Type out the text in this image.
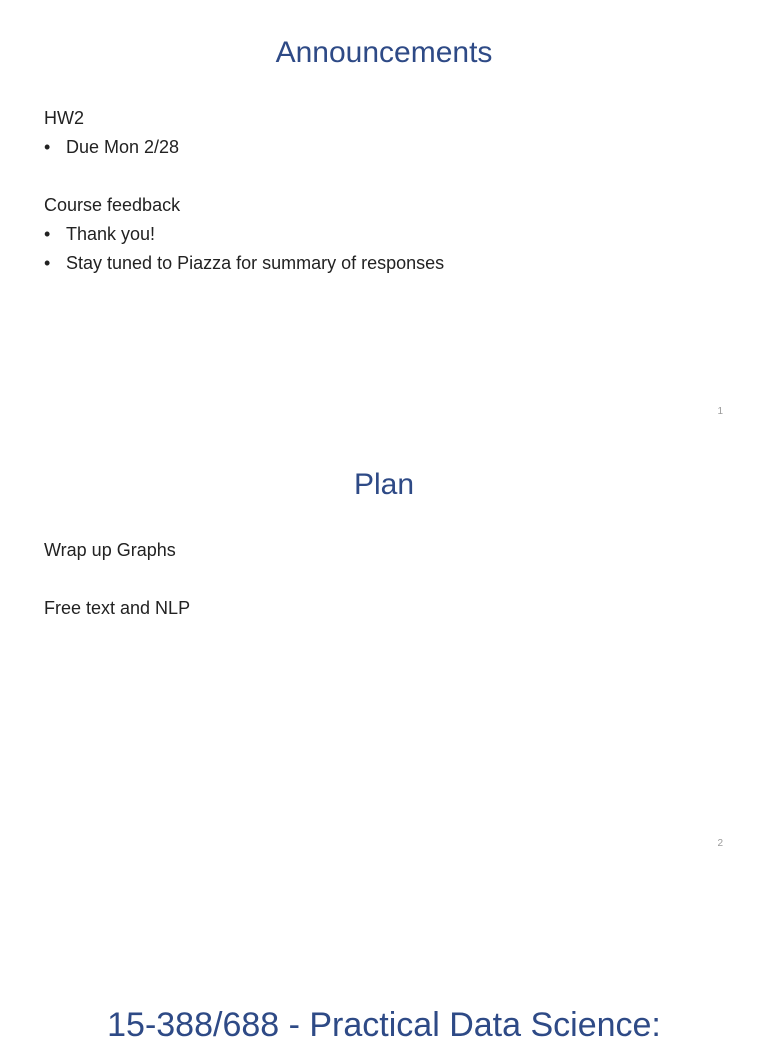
Announcements
HW2
• Due Mon 2/28
Course feedback
• Thank you!
• Stay tuned to Piazza for summary of responses
1
Plan
Wrap up Graphs
Free text and NLP
2
15-388/688 - Practical Data Science:
